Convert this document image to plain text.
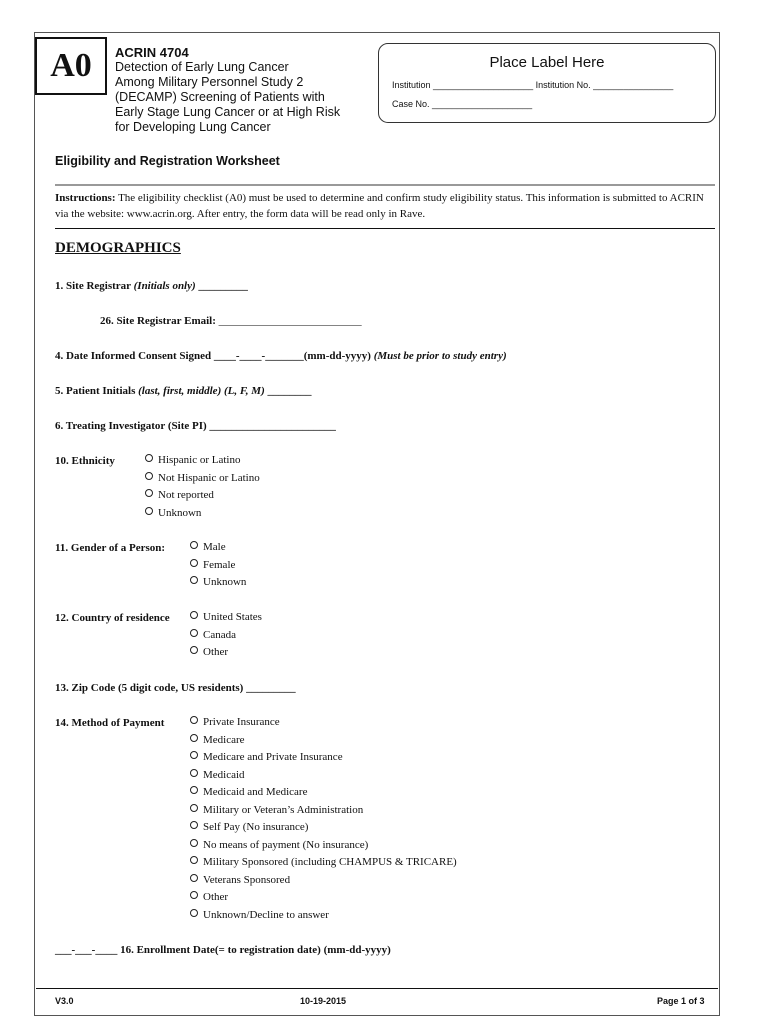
A0	ACRIN 4704
Detection of Early Lung Cancer
Among Military Personnel Study 2
(DECAMP) Screening of Patients with
Early Stage Lung Cancer or at High Risk
for Developing Lung Cancer
Place Label Here
Institution ____________________ Institution No. ________________
Case No. ____________________
Eligibility and Registration Worksheet
Instructions: The eligibility checklist (A0) must be used to determine and confirm study eligibility status. This information is submitted to ACRIN via the website: www.acrin.org. After entry, the form data will be read only in Rave.
DEMOGRAPHICS
1. Site Registrar (Initials only) _________
26. Site Registrar Email: __________________________
4. Date Informed Consent Signed ____-____-_______(mm-dd-yyyy) (Must be prior to study entry)
5. Patient Initials (last, first, middle) (L, F, M) ________
6. Treating Investigator (Site PI) _______________________
10. Ethnicity	Hispanic or Latino
Not Hispanic or Latino
Not reported
Unknown
11. Gender of a Person:	Male
Female
Unknown
12. Country of residence	United States
Canada
Other
13. Zip Code (5 digit code, US residents) _________
14. Method of Payment	Private Insurance
Medicare
Medicare and Private Insurance
Medicaid
Medicaid and Medicare
Military or Veteran’s Administration
Self Pay (No insurance)
No means of payment (No insurance)
Military Sponsored (including CHAMPUS & TRICARE)
Veterans Sponsored
Other
Unknown/Decline to answer
___-___-____ 16. Enrollment Date(= to registration date) (mm-dd-yyyy)
V3.0	10-19-2015	Page 1 of 3
